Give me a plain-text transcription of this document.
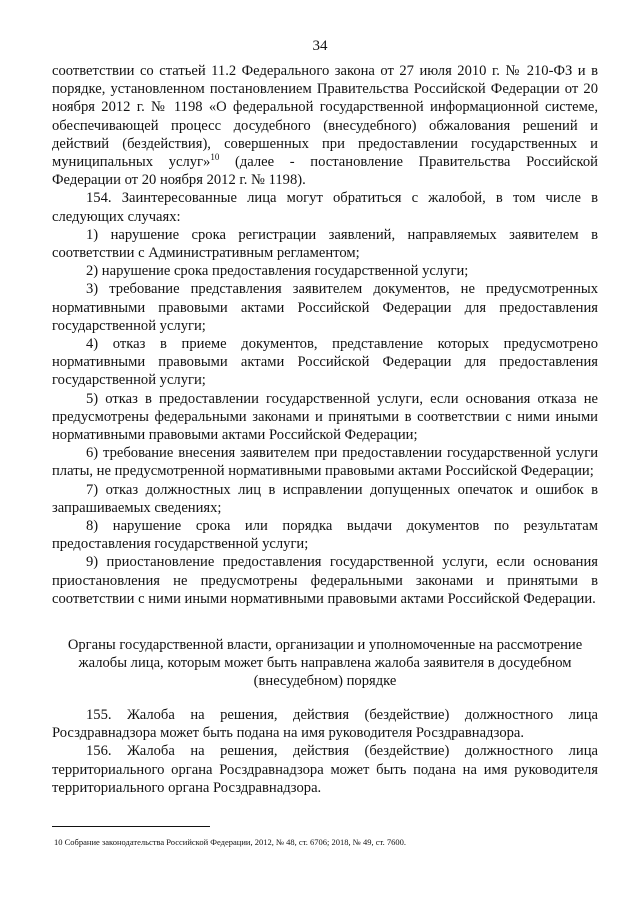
34

соответствии со статьей 11.2 Федерального закона от 27 июля 2010 г. № 210-ФЗ и в порядке, установленном постановлением Правительства Российской Федерации от 20 ноября 2012 г. № 1198 «О федеральной государственной информационной системе, обеспечивающей процесс досудебного (внесудебного) обжалования решений и действий (бездействия), совершенных при предоставлении государственных и муниципальных услуг»$^{10}$ (далее - постановление Правительства Российской Федерации от 20 ноября 2012 г. № 1198).

154. Заинтересованные лица могут обратиться с жалобой, в том числе в следующих случаях:

1) нарушение срока регистрации заявлений, направляемых заявителем в соответствии с Административным регламентом;

2) нарушение срока предоставления государственной услуги;

3) требование представления заявителем документов, не предусмотренных нормативными правовыми актами Российской Федерации для предоставления государственной услуги;

4) отказ в приеме документов, представление которых предусмотрено нормативными правовыми актами Российской Федерации для предоставления государственной услуги;

5) отказ в предоставлении государственной услуги, если основания отказа не предусмотрены федеральными законами и принятыми в соответствии с ними иными нормативными правовыми актами Российской Федерации;

6) требование внесения заявителем при предоставлении государственной услуги платы, не предусмотренной нормативными правовыми актами Российской Федерации;

7) отказ должностных лиц в исправлении допущенных опечаток и ошибок в запрашиваемых сведениях;

8) нарушение срока или порядка выдачи документов по результатам предоставления государственной услуги;

9) приостановление предоставления государственной услуги, если основания приостановления не предусмотрены федеральными законами и принятыми в соответствии с ними иными нормативными правовыми актами Российской Федерации.

Органы государственной власти, организации и уполномоченные на рассмотрение жалобы лица, которым может быть направлена жалоба заявителя в досудебном (внесудебном) порядке

155. Жалоба на решения, действия (бездействие) должностного лица Росздравнадзора может быть подана на имя руководителя Росздравнадзора.

156. Жалоба на решения, действия (бездействие) должностного лица территориального органа Росздравнадзора может быть подана на имя руководителя территориального органа Росздравнадзора.

10 Собрание законодательства Российской Федерации, 2012, № 48, ст. 6706; 2018, № 49, ст. 7600.
